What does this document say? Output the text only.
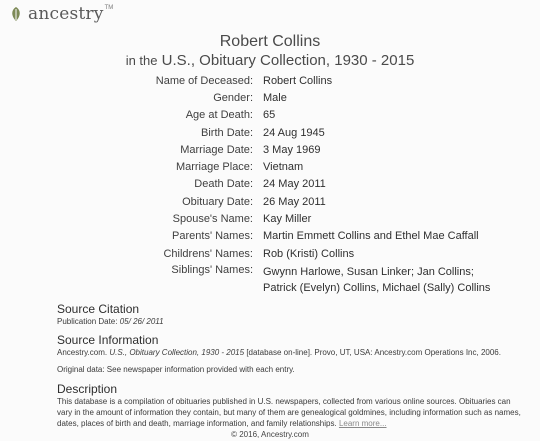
ancestry TM
Robert Collins
in the U.S., Obituary Collection, 1930 - 2015
Name of Deceased: Robert Collins
Gender: Male
Age at Death: 65
Birth Date: 24 Aug 1945
Marriage Date: 3 May 1969
Marriage Place: Vietnam
Death Date: 24 May 2011
Obituary Date: 26 May 2011
Spouse's Name: Kay Miller
Parents' Names: Martin Emmett Collins and Ethel Mae Caffall
Childrens' Names: Rob (Kristi) Collins
Siblings' Names: Gwynn Harlowe, Susan Linker; Jan Collins; Patrick (Evelyn) Collins, Michael (Sally) Collins
Source Citation
Publication Date: 05/ 26/ 2011
Source Information
Ancestry.com. U.S., Obituary Collection, 1930 - 2015 [database on-line]. Provo, UT, USA: Ancestry.com Operations Inc, 2006.
Original data: See newspaper information provided with each entry.
Description
This database is a compilation of obituaries published in U.S. newspapers, collected from various online sources. Obituaries can vary in the amount of information they contain, but many of them are genealogical goldmines, including information such as names, dates, places of birth and death, marriage information, and family relationships. Learn more...
© 2016, Ancestry.com
